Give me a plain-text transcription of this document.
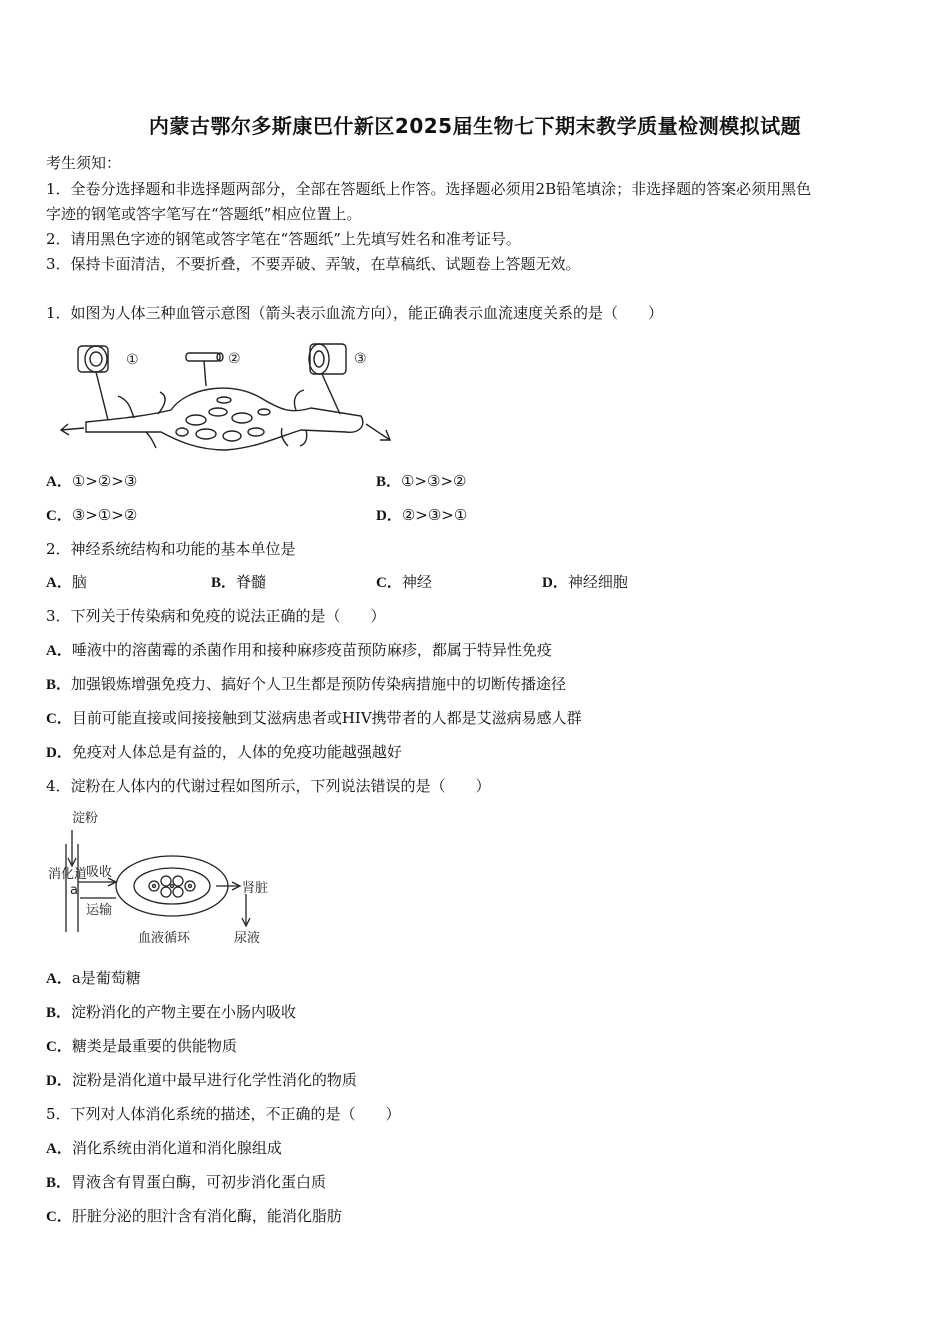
内蒙古鄂尔多斯康巴什新区2025届生物七下期末教学质量检测模拟试题
考生须知：
1．全卷分选择题和非选择题两部分，全部在答题纸上作答。选择题必须用2B铅笔填涂；非选择题的答案必须用黑色
字迹的钢笔或答字笔写在“答题纸”相应位置上。
2．请用黑色字迹的钢笔或答字笔在“答题纸”上先填写姓名和准考证号。
3．保持卡面清洁，不要折叠，不要弄破、弄皱，在草稿纸、试题卷上答题无效。
1．如图为人体三种血管示意图（箭头表示血流方向），能正确表示血流速度关系的是（　　）
①	②	③
A．①>②>③	B．①>③>②
C．③>①>②	D．②>③>①
2．神经系统结构和功能的基本单位是
A．脑	B．脊髓	C．神经	D．神经细胞
3．下列关于传染病和免疫的说法正确的是（　　）
A．唾液中的溶菌霉的杀菌作用和接种麻疹疫苗预防麻疹，都属于特异性免疫
B．加强锻炼增强免疫力、搞好个人卫生都是预防传染病措施中的切断传播途径
C．目前可能直接或间接接触到艾滋病患者或HIV携带者的人都是艾滋病易感人群
D．免疫对人体总是有益的，人体的免疫功能越强越好
4．淀粉在人体内的代谢过程如图所示，下列说法错误的是（　　）
淀粉
消化道
a
吸收
运输
肾脏
血液循环	尿液
A．a是葡萄糖
B．淀粉消化的产物主要在小肠内吸收
C．糖类是最重要的供能物质
D．淀粉是消化道中最早进行化学性消化的物质
5．下列对人体消化系统的描述，不正确的是（　　）
A．消化系统由消化道和消化腺组成
B．胃液含有胃蛋白酶，可初步消化蛋白质
C．肝脏分泌的胆汁含有消化酶，能消化脂肪
